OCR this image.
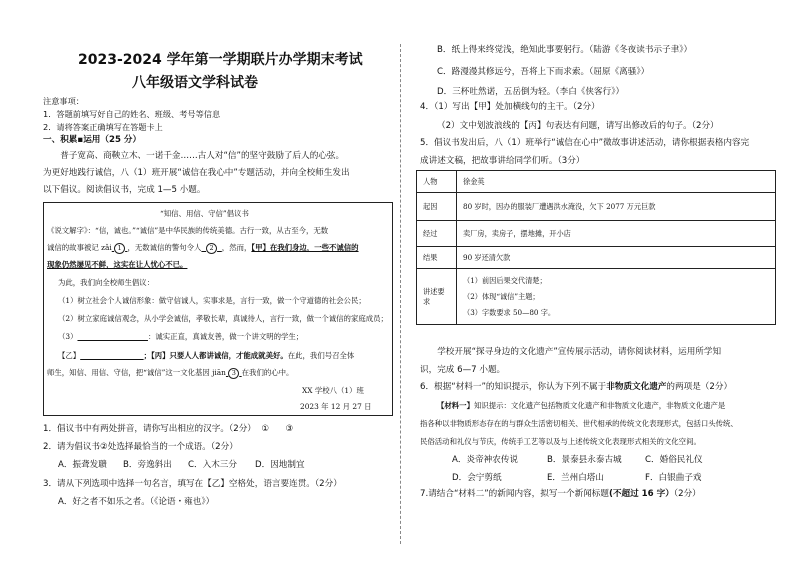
2023-2024 学年第一学期联片办学期末考试
八年级语文学科试卷
注意事项：
1．答题前填写好自己的姓名、班级、考号等信息
2．请将答案正确填写在答题卡上
一、积累▪运用（25 分）
　　普子宽高、商鞅立木、一诺千金……古人对“信”的坚守鼓励了后人的心弦。
为更好地践行诚信，八（1）班开展“诚信在我心中”专题活动，并向全校师生发出
以下倡议。阅读倡议书，完成 1—5 小题。
“知信、用信、守信”倡议书
《说文解字》：“信，诚也。”“诚信”是中华民族的传统美德。古行一致，从古至今，无数
诚信的故事被记 zǎi 1 ，无数诚信的警句令人 2 ，然而，【甲】在我们身边，一些不诚信的
现象仍然屡见不鲜，这实在让人忧心不已。
为此，我们向全校师生倡议：
（1）树立社会个人诚信形象：做守信诚人，实事求是，言行一致，做一个守道德的社会公民；
（2）树立家庭诚信观念，从小学会诚信，孝敬长辈，真诚待人，言行一致，做一个诚信的家庭成员；
（3）	：诚实正直，真诚友善，做一个讲文明的学生；
【乙】	；【丙】只要人人都讲诚信，才能成就美好。在此，我们号召全体
师生，知信、用信、守信，把“诚信”这一文化基因 jiān 3 在我们的心中。
XX 学校八（1）班
2023 年 12 月 27 日
1．倡议书中有两处拼音，请你写出相应的汉字。（2分） ① ③
2．请为倡议书②处选择最恰当的一个成语。（2分）
A．振聋发聩 B．旁逸斜出 C．入木三分 D．因地制宜
3．请从下列选项中选择一句名言，填写在【乙】空格处，语言要连贯。（2分）
A．好之者不如乐之者。（《论语・雍也》）
B．纸上得来终觉浅，绝知此事要躬行。（陆游《冬夜读书示子聿》）
C．路漫漫其修远兮，吾将上下而求索。（屈原《离骚》）
D．三杯吐然诺，五岳倒为轻。（李白《侠客行》）
4．（1）写出【甲】处加横线句的主干。（2分）
（2）文中划波浪线的【丙】句表达有问题，请写出修改后的句子。（2分）
5．倡议书发出后，八（1）班举行“诚信在心中”微故事讲述活动，请你根据表格内容完
成讲述文稿，把故事讲给同学们听。（3分）
人物	徐金英
起因	80 岁时，因办的服装厂遭遇洪水淹没，欠下 2077 万元巨款
经过	卖厂房，卖房子，摆地摊，开小店
结果	90 岁还清欠款
讲述要求	（1）前因后果交代清楚；
（2）体现“诚信”主题；
（3）字数要求 50—80 字。
　　学校开展“探寻身边的文化遗产”宣传展示活动，请你阅读材料，运用所学知
识，完成 6—7 小题。
6．根据“材料一”的知识提示，你认为下列不属于非物质文化遗产的两项是（2分）
【材料一】知识提示：文化遗产包括物质文化遗产和非物质文化遗产，非物质文化遗产是
指各种以非物质形态存在的与群众生活密切相关、世代相承的传统文化表现形式，包括口头传统、
民俗活动和礼仪与节庆，传统手工艺等以及与上述传统文化表现形式相关的文化空间。
A．炎帝神农传说	B．景泰县永泰古城	C．婚俗民礼仪
D．会宁剪纸	E．兰州白塔山	F．白银曲子戏
7.请结合“材料二”的新闻内容，拟写一个新闻标题(不超过 16 字）（2分）
